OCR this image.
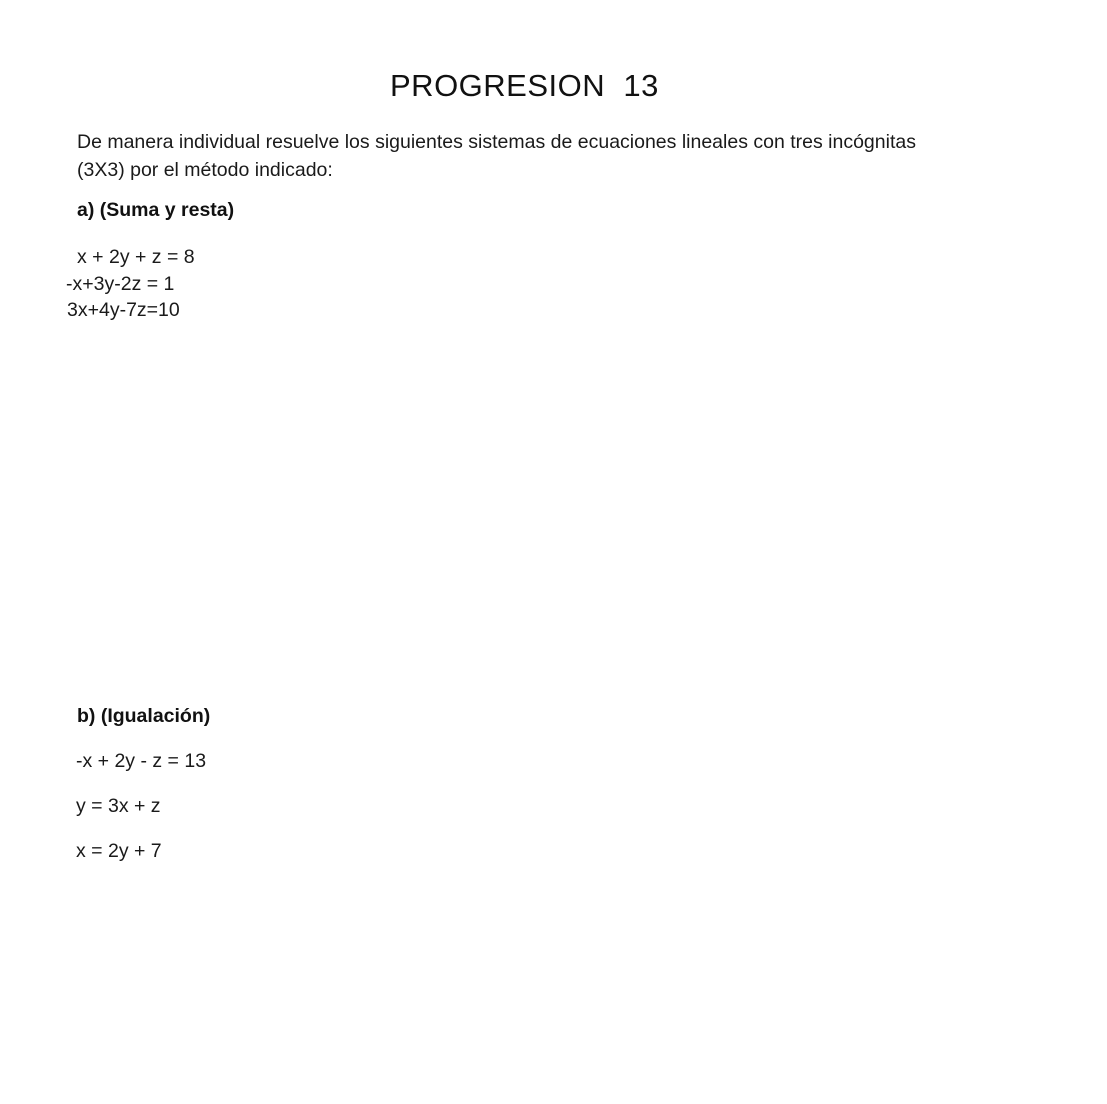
PROGRESION  13
De manera individual resuelve los siguientes sistemas de ecuaciones lineales con tres incógnitas
(3X3) por el método indicado:
a) (Suma y resta)
x + 2y + z = 8
-x+3y-2z = 1
3x+4y-7z=10
b) (Igualación)
-x + 2y - z = 13
y = 3x + z
x = 2y + 7
